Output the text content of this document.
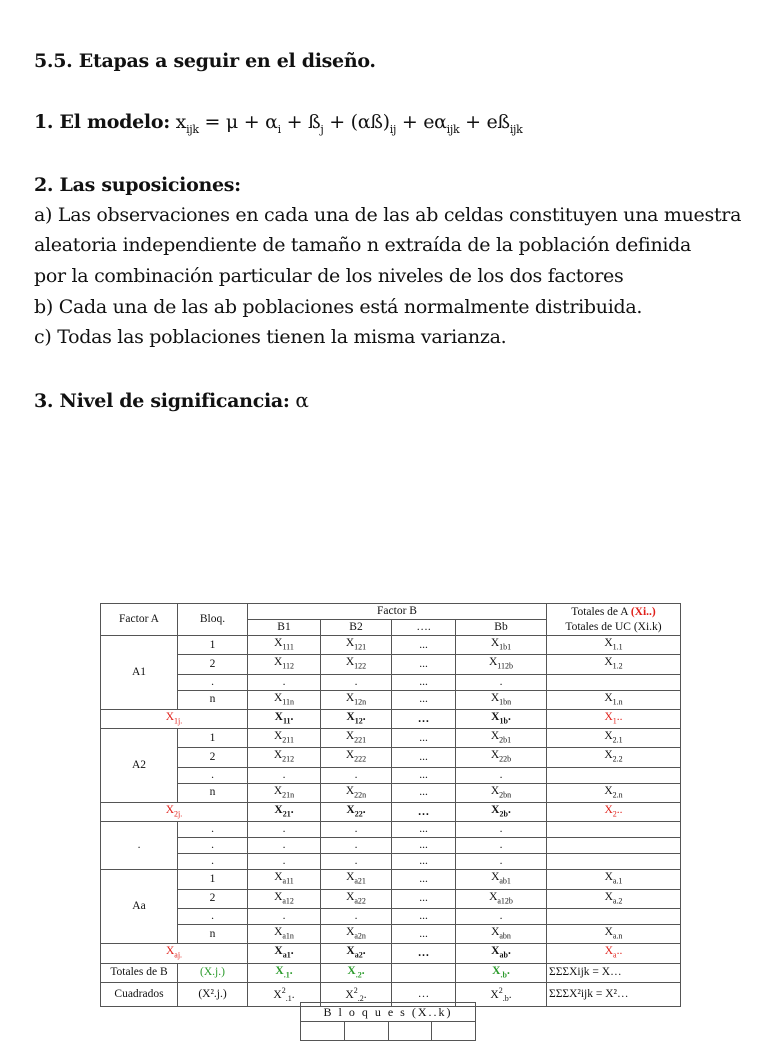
5.5. Etapas a seguir en el diseño.
1. El modelo: $x_{ijk} = \mu + \alpha_i$ + $ß_j$ + $(\alpha ß)_{ij} + e\alpha_{ijk}$ + $eß_{ijk}$
2. Las suposiciones:
a) Las observaciones en cada una de las ab celdas constituyen una muestra
aleatoria independiente de tamaño n extraída de la población definida
por la combinación particular de los niveles de los dos factores
b) Cada una de las ab poblaciones está normalmente distribuida.
c) Todas las poblaciones tienen la misma varianza.
3. Nivel de significancia: α
Factor A	Bloq.	Factor B				Totales de A (Xi..)
Totales de UC (Xi.k)
		B1	B2	….	Bb	
A1	1	$X_{111}$	$X_{121}$	...	$X_{1b1}$	$X_{1.1}$
	2	$X_{112}$	$X_{122}$	...	$X_{112b}$	$X_{1.2}$
	.	.	.	...	.	
	n	$X_{11n}$	$X_{12n}$	...	$X_{1bn}$	$X_{1.n}$
$X_{1j.}$		$X_{11}$.	$X_{12}$.	…	$X_{1b}$.	$X_1$..
A2	1	$X_{211}$	$X_{221}$	...	$X_{2b1}$	$X_{2.1}$
	2	$X_{212}$	$X_{222}$	...	$X_{22b}$	$X_{2.2}$
	.	.	.	...	.	
	n	$X_{21n}$	$X_{22n}$	...	$X_{2bn}$	$X_{2.n}$
$X_{2j.}$		$X_{21}$.	$X_{22}$.	…	$X_{2b}$.	$X_2$..
.	.	.	.	...	.	
	.	.	.	...	.	
	.	.	.	...	.	
Aa	1	$X_{a11}$	$X_{a21}$	...	$X_{ab1}$	$X_{a.1}$
	2	$X_{a12}$	$X_{a22}$	...	$X_{a12b}$	$X_{a.2}$
	.	.	.	...	.	
	n	$X_{a1n}$	$X_{a2n}$	...	$X_{abn}$	$X_{a.n}$
$X_{aj.}$		$X_{a1}$.	$X_{a2}$.	…	$X_{ab}$.	$X_a$..
Totales de B	(X.j.)	$X_{.1}$.	$X_{.2}$.		$X_{.b}$.	ΣΣΣXijk = X…
Cuadrados	(X².j.)	$X^2_{.1}$.	$X^2_{.2}$.	…	$X^2_{.b}$.	ΣΣΣX²ijk = X²…
B l o q u e s (X..k)
